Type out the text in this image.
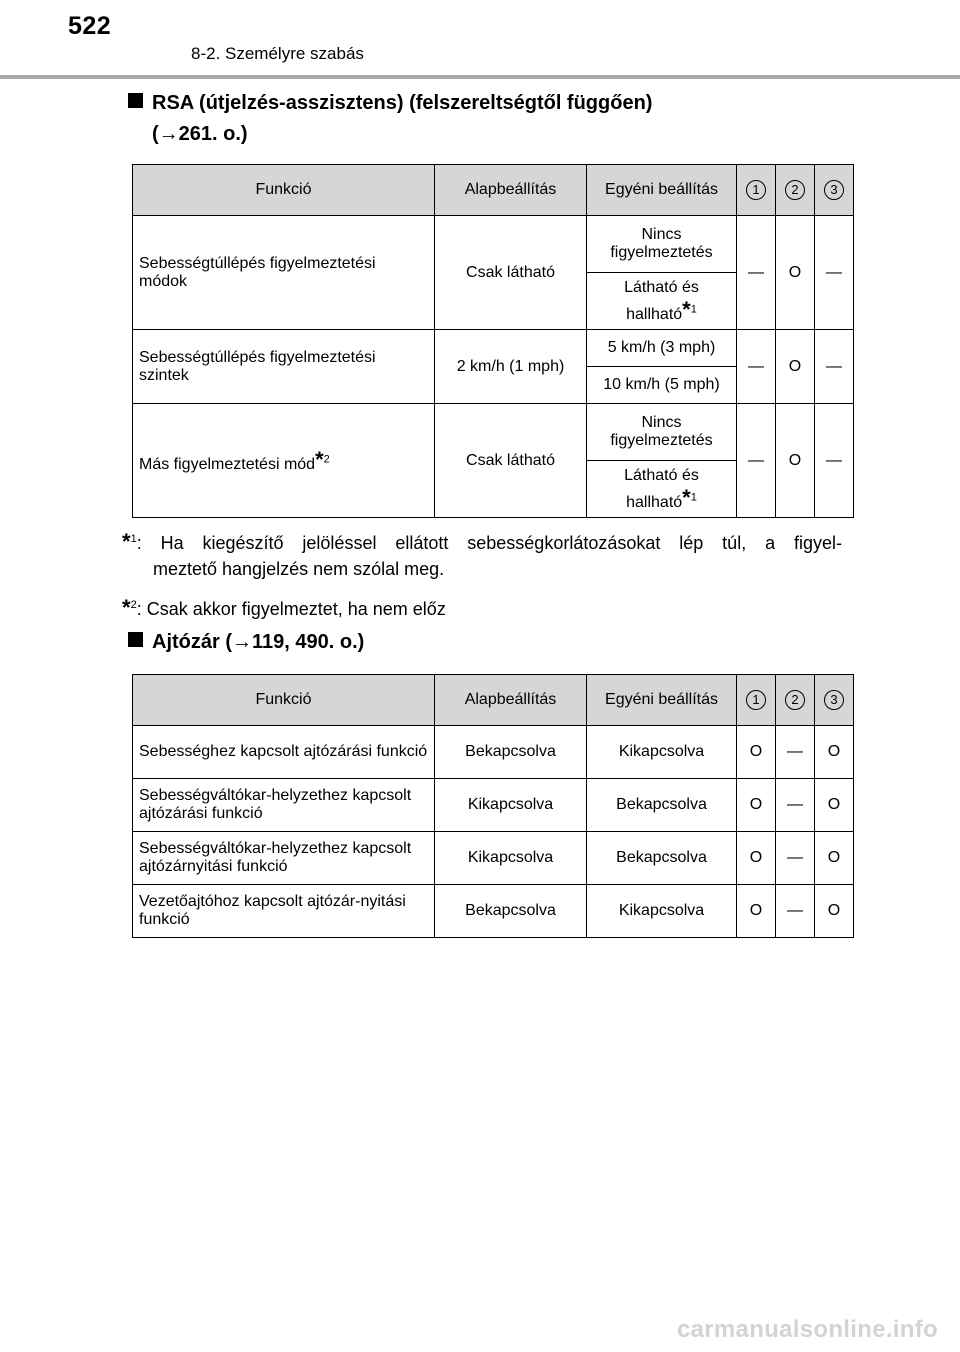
522
8-2. Személyre szabás
RSA (útjelzés-asszisztens) (felszereltségtől függően)
(→261. o.)
Funkció	Alapbeállítás	Egyéni beállítás	1	2	3
Sebességtúllépés figyelmeztetési módok	Csak látható	Nincs figyelmeztetés	—	O	—
		Látható és hallható*$^1$
Sebességtúllépés figyelmeztetési szintek	2 km/h (1 mph)	5 km/h (3 mph)	—	O	—
		10 km/h (5 mph)			
Más figyelmeztetési mód*$^2$	Csak látható	Nincs figyelmeztetés	—	O	—
		Látható és hallható*$^1$
*$^1$: Ha kiegészítő jelöléssel ellátott sebességkorlátozásokat lép túl, a figyel-
meztető hangjelzés nem szólal meg.
*$^2$: Csak akkor figyelmeztet, ha nem előz
Ajtózár (→119, 490. o.)
Funkció	Alapbeállítás	Egyéni beállítás	1	2	3
Sebességhez kapcsolt ajtózárási funkció	Bekapcsolva	Kikapcsolva	O	—	O
Sebességváltókar-helyzethez kapcsolt ajtózárási funkció	Kikapcsolva	Bekapcsolva	O	—	O
Sebességváltókar-helyzethez kapcsolt ajtózárnyitási funkció	Kikapcsolva	Bekapcsolva	O	—	O
Vezetőajtóhoz kapcsolt ajtózár-nyitási funkció	Bekapcsolva	Kikapcsolva	O	—	O
carmanualsonline.info
